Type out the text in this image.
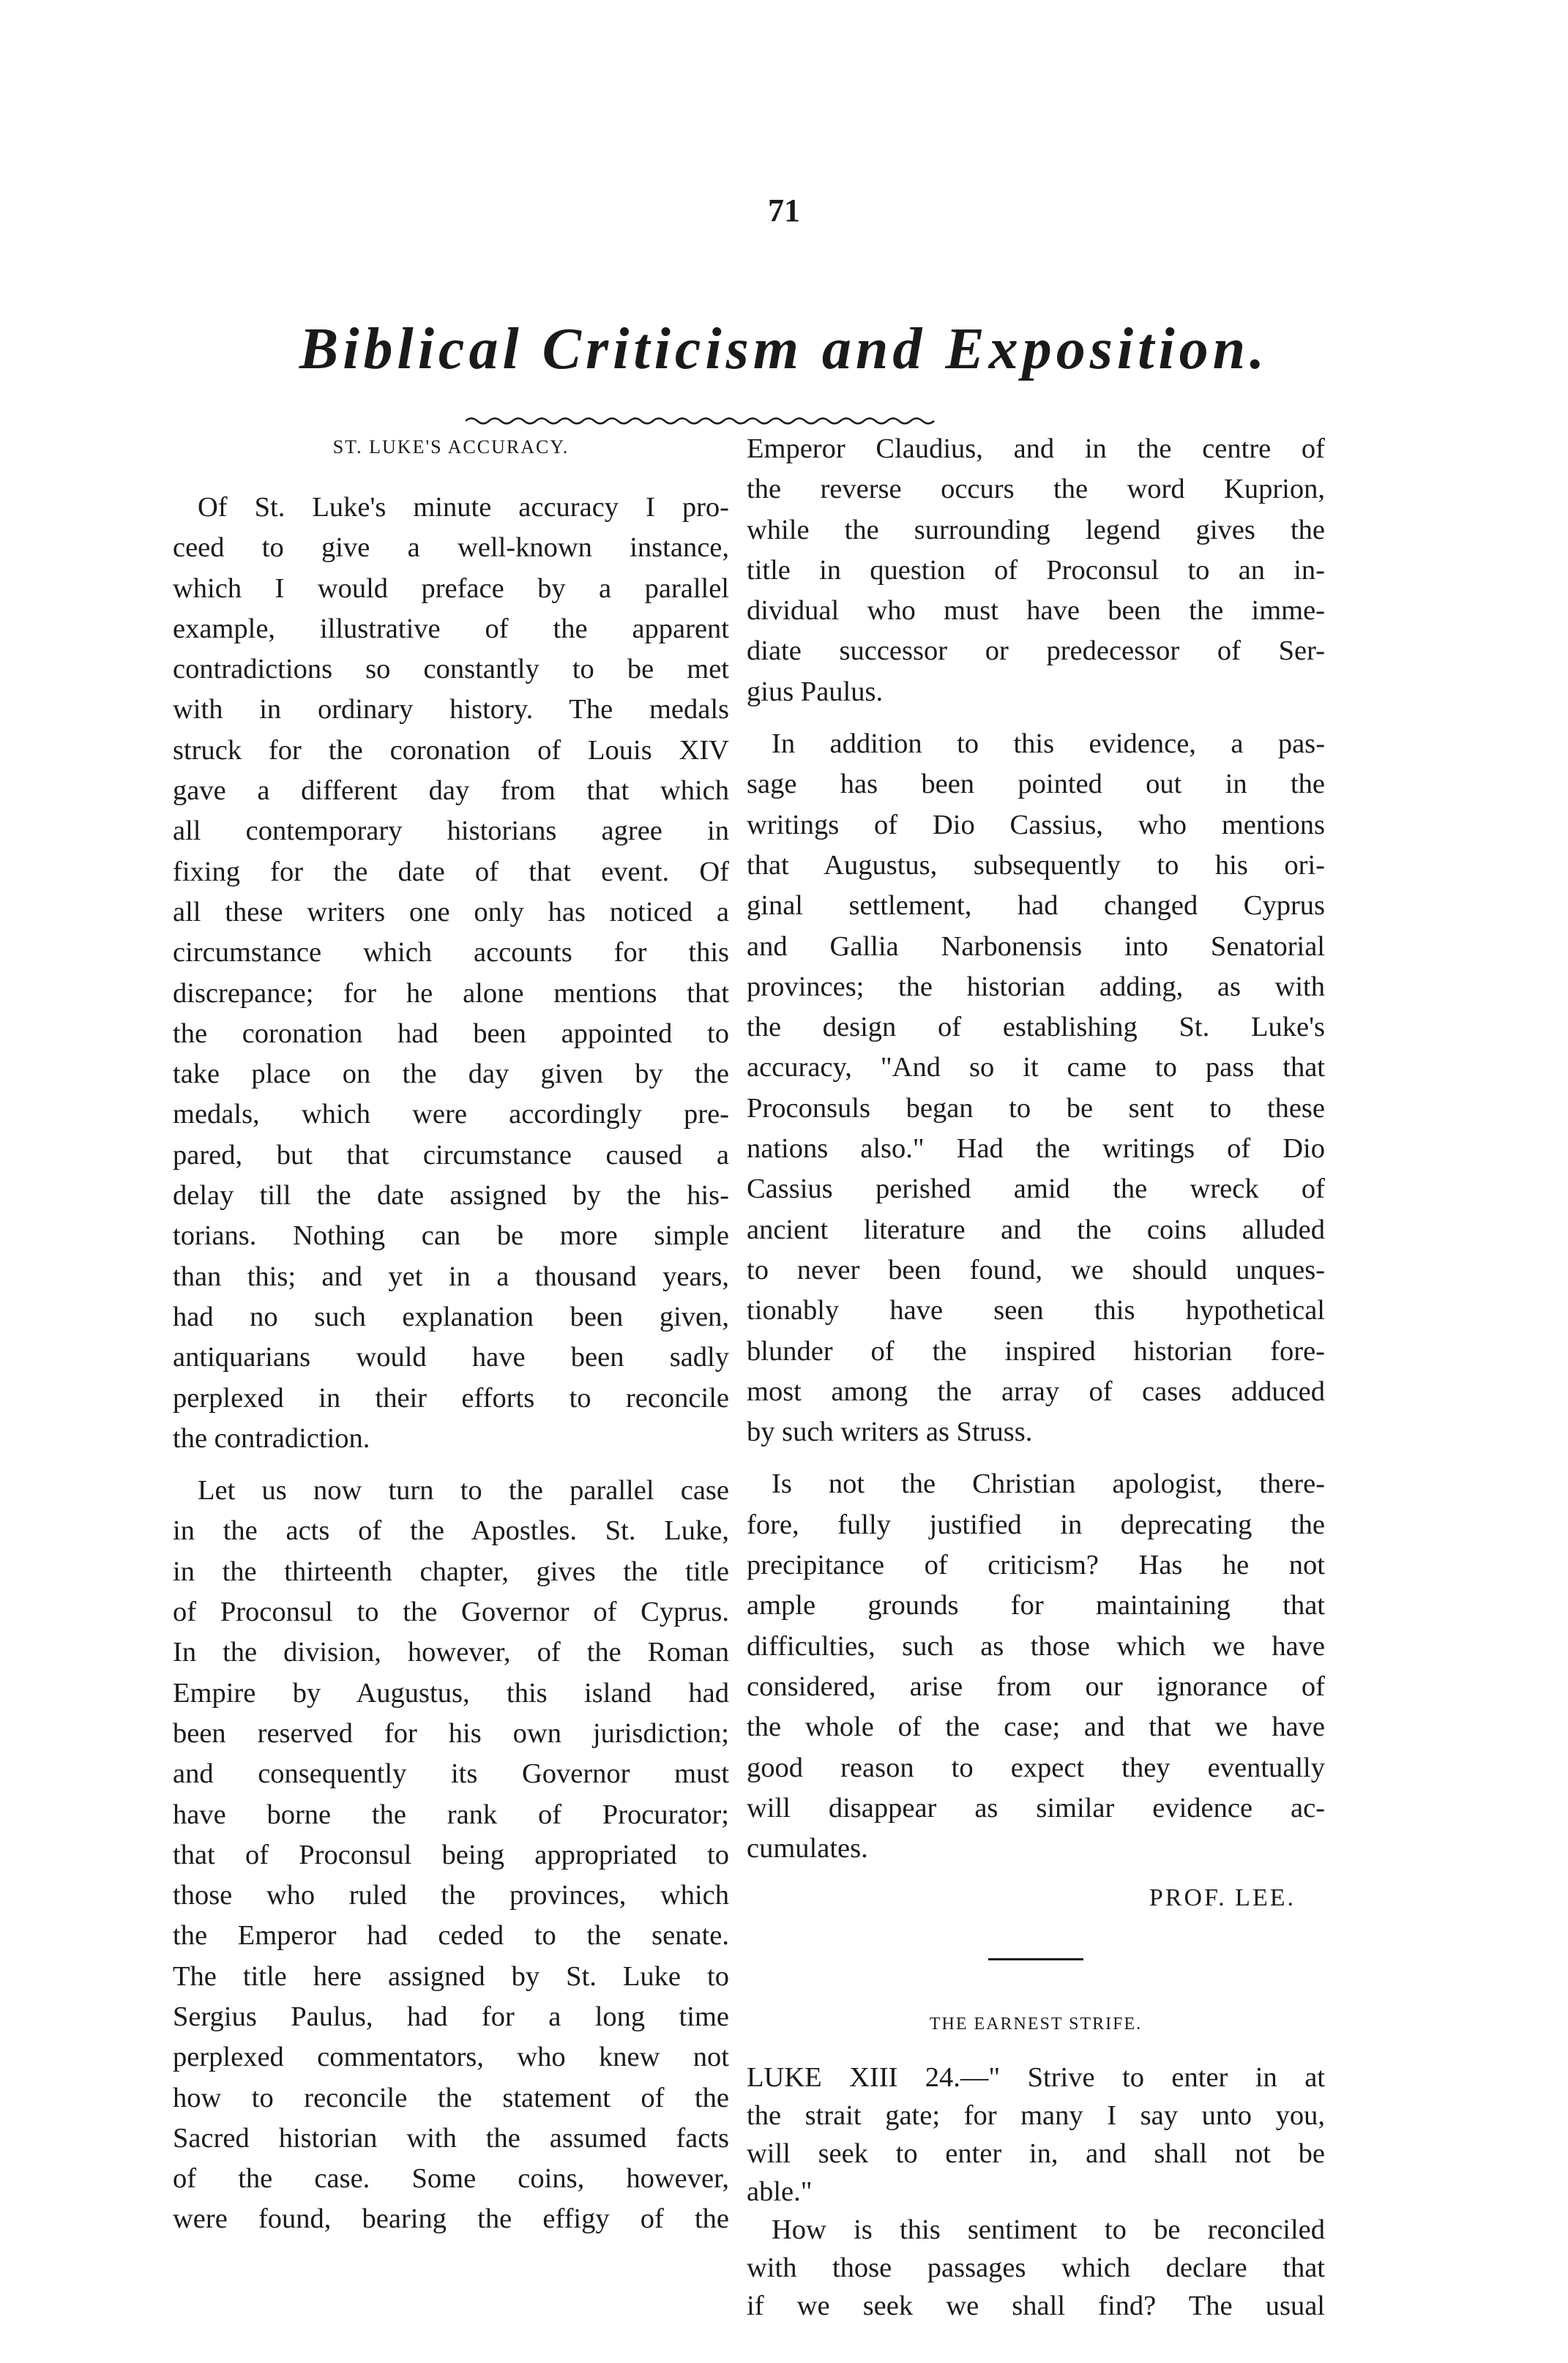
71
Biblical Criticism and Exposition.
ST. LUKE'S ACCURACY.
Of St. Luke's minute accuracy I pro-
ceed to give a well-known instance,
which I would preface by a parallel
example, illustrative of the apparent
contradictions so constantly to be met
with in ordinary history. The medals
struck for the coronation of Louis XIV
gave a different day from that which
all contemporary historians agree in
fixing for the date of that event. Of
all these writers one only has noticed a
circumstance which accounts for this
discrepance; for he alone mentions that
the coronation had been appointed to
take place on the day given by the
medals, which were accordingly pre-
pared, but that circumstance caused a
delay till the date assigned by the his-
torians. Nothing can be more simple
than this; and yet in a thousand years,
had no such explanation been given,
antiquarians would have been sadly
perplexed in their efforts to reconcile
the contradiction.
Let us now turn to the parallel case
in the acts of the Apostles. St. Luke,
in the thirteenth chapter, gives the title
of Proconsul to the Governor of Cyprus.
In the division, however, of the Roman
Empire by Augustus, this island had
been reserved for his own jurisdiction;
and consequently its Governor must
have borne the rank of Procurator;
that of Proconsul being appropriated to
those who ruled the provinces, which
the Emperor had ceded to the senate.
The title here assigned by St. Luke to
Sergius Paulus, had for a long time
perplexed commentators, who knew not
how to reconcile the statement of the
Sacred historian with the assumed facts
of the case. Some coins, however,
were found, bearing the effigy of the
Emperor Claudius, and in the centre of
the reverse occurs the word Kuprion,
while the surrounding legend gives the
title in question of Proconsul to an in-
dividual who must have been the imme-
diate successor or predecessor of Ser-
gius Paulus.
In addition to this evidence, a pas-
sage has been pointed out in the
writings of Dio Cassius, who mentions
that Augustus, subsequently to his ori-
ginal settlement, had changed Cyprus
and Gallia Narbonensis into Senatorial
provinces; the historian adding, as with
the design of establishing St. Luke's
accuracy, "And so it came to pass that
Proconsuls began to be sent to these
nations also." Had the writings of Dio
Cassius perished amid the wreck of
ancient literature and the coins alluded
to never been found, we should unques-
tionably have seen this hypothetical
blunder of the inspired historian fore-
most among the array of cases adduced
by such writers as Struss.
Is not the Christian apologist, there-
fore, fully justified in deprecating the
precipitance of criticism? Has he not
ample grounds for maintaining that
difficulties, such as those which we have
considered, arise from our ignorance of
the whole of the case; and that we have
good reason to expect they eventually
will disappear as similar evidence ac-
cumulates.
PROF. LEE.
THE EARNEST STRIFE.
LUKE XIII 24.—" Strive to enter in at
the strait gate; for many I say unto you,
will seek to enter in, and shall not be
able."
How is this sentiment to be reconciled
with those passages which declare that
if we seek we shall find? The usual
